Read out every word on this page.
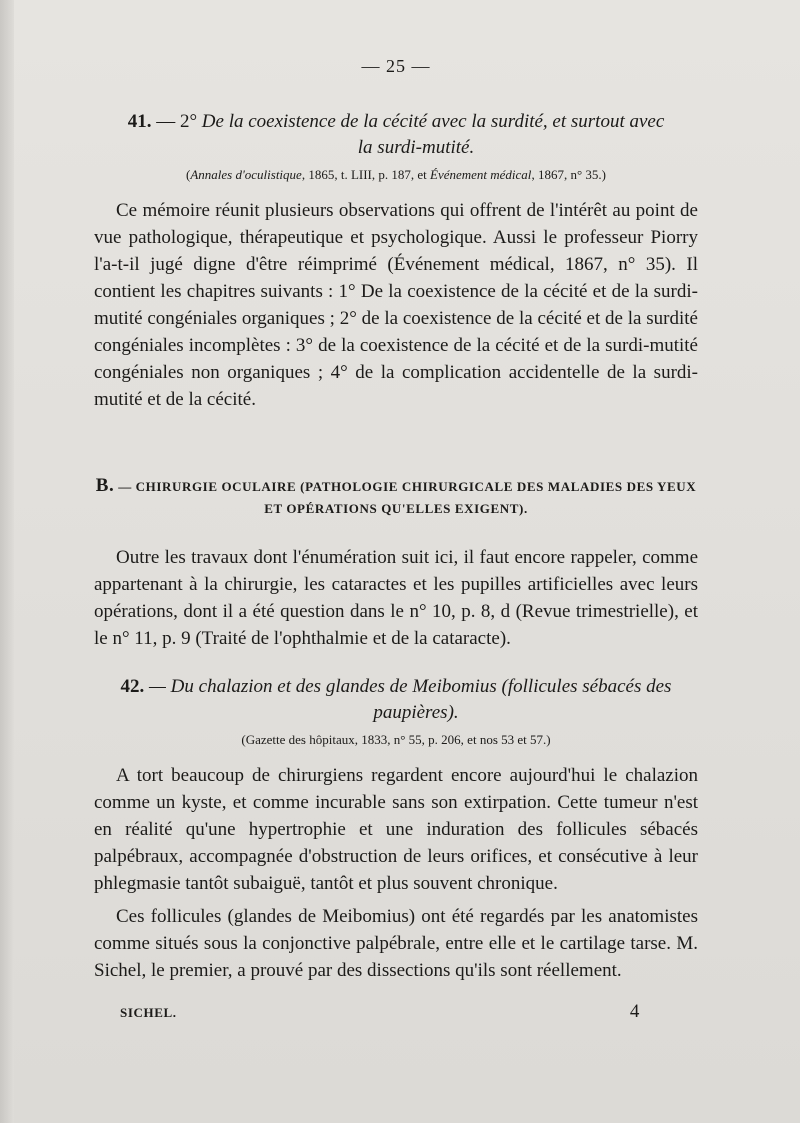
— 25 —
41. — 2° De la coexistence de la cécité avec la surdité, et surtout avec
la surdi-mutité.
(Annales d'oculistique, 1865, t. LIII, p. 187, et Événement médical, 1867, n° 35.)

Ce mémoire réunit plusieurs observations qui offrent de l'intérêt au point de vue pathologique, thérapeutique et psychologique. Aussi le professeur Piorry l'a-t-il jugé digne d'être réimprimé (Événement médical, 1867, n° 35). Il contient les chapitres suivants : 1° De la coexistence de la cécité et de la surdi-mutité congéniales organiques ; 2° de la coexistence de la cécité et de la surdité congéniales incomplètes : 3° de la coexistence de la cécité et de la surdi-mutité congéniales non organiques ; 4° de la complication accidentelle de la surdi-mutité et de la cécité.

B. — CHIRURGIE OCULAIRE (PATHOLOGIE CHIRURGICALE DES MALADIES DES YEUX
ET OPÉRATIONS QU'ELLES EXIGENT).

Outre les travaux dont l'énumération suit ici, il faut encore rappeler, comme appartenant à la chirurgie, les cataractes et les pupilles artificielles avec leurs opérations, dont il a été question dans le n° 10, p. 8, d (Revue trimestrielle), et le n° 11, p. 9 (Traité de l'ophthalmie et de la cataracte).

42. — Du chalazion et des glandes de Meibomius (follicules sébacés des
paupières).
(Gazette des hôpitaux, 1833, n° 55, p. 206, et nos 53 et 57.)

A tort beaucoup de chirurgiens regardent encore aujourd'hui le chalazion comme un kyste, et comme incurable sans son extirpation. Cette tumeur n'est en réalité qu'une hypertrophie et une induration des follicules sébacés palpébraux, accompagnée d'obstruction de leurs orifices, et consécutive à leur phlegmasie tantôt subaiguë, tantôt et plus souvent chronique.

Ces follicules (glandes de Meibomius) ont été regardés par les anatomistes comme situés sous la conjonctive palpébrale, entre elle et le cartilage tarse. M. Sichel, le premier, a prouvé par des dissections qu'ils sont réellement.

SICHEL.	4
